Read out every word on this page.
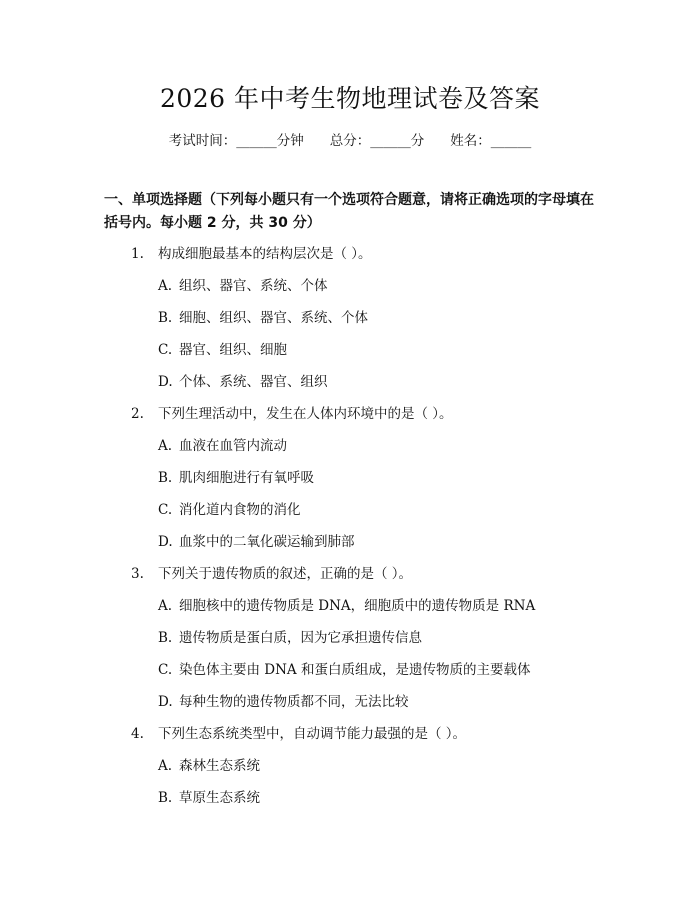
2026 年中考生物地理试卷及答案
考试时间：______分钟 总分：______分 姓名：______
一、单项选择题（下列每小题只有一个选项符合题意，请将正确选项的字母填在
括号内。每小题 2 分，共 30 分）
1. 构成细胞最基本的结构层次是（ ）。
A. 组织、器官、系统、个体
B. 细胞、组织、器官、系统、个体
C. 器官、组织、细胞
D. 个体、系统、器官、组织
2. 下列生理活动中，发生在人体内环境中的是（ ）。
A. 血液在血管内流动
B. 肌肉细胞进行有氧呼吸
C. 消化道内食物的消化
D. 血浆中的二氧化碳运输到肺部
3. 下列关于遗传物质的叙述，正确的是（ ）。
A. 细胞核中的遗传物质是 DNA，细胞质中的遗传物质是 RNA
B. 遗传物质是蛋白质，因为它承担遗传信息
C. 染色体主要由 DNA 和蛋白质组成，是遗传物质的主要载体
D. 每种生物的遗传物质都不同，无法比较
4. 下列生态系统类型中，自动调节能力最强的是（ ）。
A. 森林生态系统
B. 草原生态系统
